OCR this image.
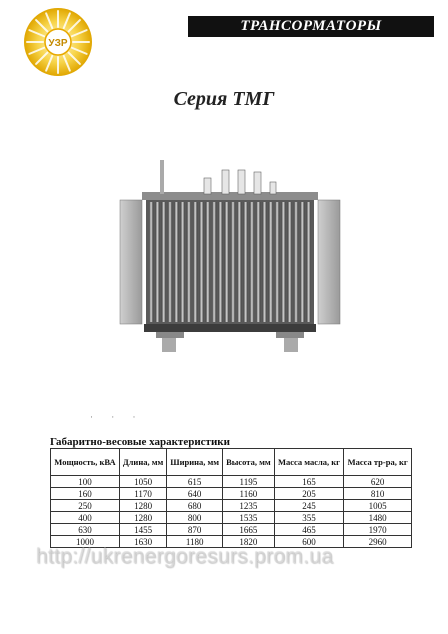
ТРАНСОРМАТОРЫ
УЗР
Серия ТМГ
· · ·
Габаритно-весовые характеристики
Мощность, кВА	Длина, мм	Ширина, мм	Высота, мм	Масса масла, кг	Масса тр-ра, кг
100	1050	615	1195	165	620
160	1170	640	1160	205	810
250	1280	680	1235	245	1005
400	1280	800	1535	355	1480
630	1455	870	1665	465	1970
1000	1630	1180	1820	600	2960
http://ukrenergoresurs.prom.ua
